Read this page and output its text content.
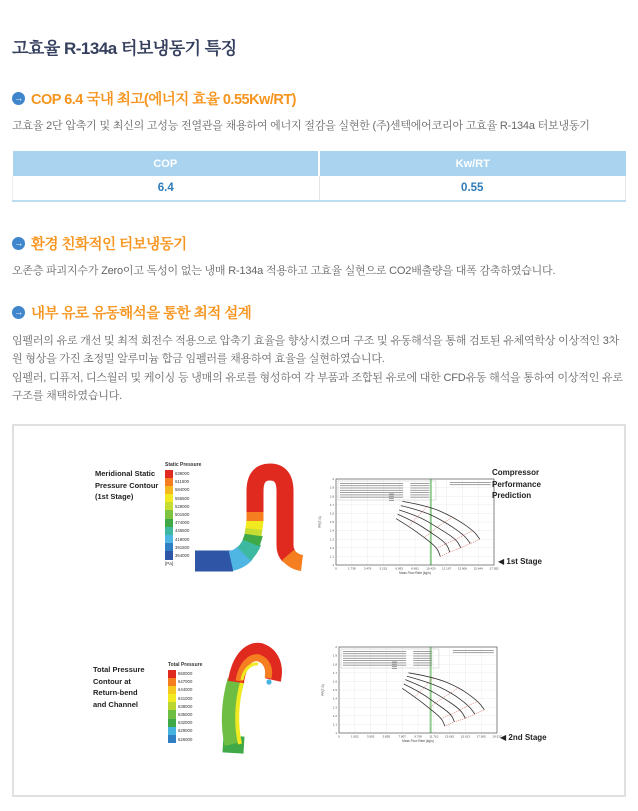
고효율 R-134a 터보냉동기 특징
→ COP 6.4 국내 최고(에너지 효율 0.55Kw/RT)

고효율 2단 압축기 및 최신의 고성능 전열관을 채용하여 에너지 절감을 실현한 (주)센텍에어코리아 고효율 R-134a 터보냉동기

COP	Kw/RT
6.4	0.55
→ 환경 친화적인 터보냉동기

오존층 파괴지수가 Zero이고 독성이 없는 냉매 R-134a 적용하고 고효율 실현으로 CO2배출량을 대폭 감축하였습니다.

→ 내부 유로 유동해석을 통한 최적 설계

임펠러의 유로 개선 및 최적 회전수 적용으로 압축기 효율을 향상시켰으며 구조 및 유동해석을 통해 검토된 유체역학상 이상적인 3차원 형상을 가진 초정밀 알루미늄 합금 임펠러를 채용하여 효율을 실현하였습니다.

임펠러, 디퓨저, 디스월러 및 케이싱 등 냉매의 유로를 형성하여 각 부품과 조합된 유로에 대한 CFD유동 해석을 통하여 이상적인 유로 구조를 채택하였습니다.

Meridional Static
Pressure Contour
(1st Stage)
Static Pressure
639000
611500
584000
556500
529000
501500
474000
446500
419000
391500
364000
[Pa]
2
1.9
1.8
1.7
1.6
1.5
1.4
1.3
1.2
1.1
1
0	1.738	3.476	5.215	6.953	8.691 10.429 12.167 13.906 15.644 17.382
Mass Flow Rate (kg/s)
PR(T-S)
Compressor
Performance
Prediction
◀ 1st Stage
Total Pressure
Contour at
Return-bend
and Channel
Total Pressure
650000
647000
644000
641000
638000
635000
632000
629000
626000
2
1.9
1.8
1.7
1.6
1.5
1.4
1.3
1.2
1.1
1
0	1.952	3.903	5.855	7.807	9.758	11.710 13.662 15.613 17.565 19.517
Mass Flow Rate (kg/s)
PR(T-S)
◀ 2nd Stage
